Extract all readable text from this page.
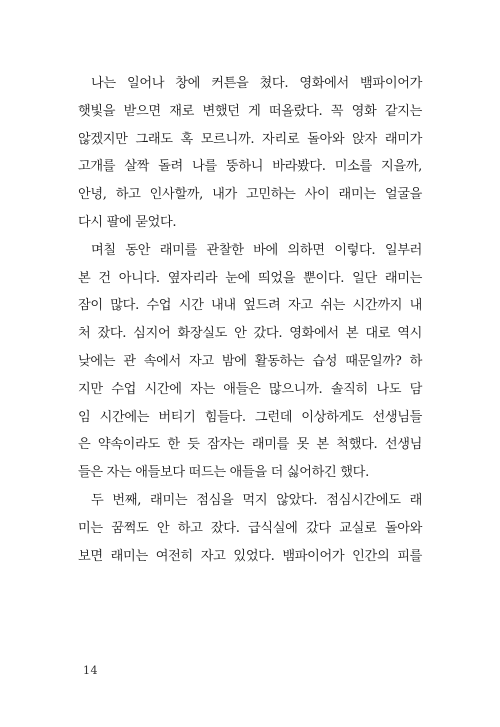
나는 일어나 창에 커튼을 쳤다. 영화에서 뱀파이어가
햇빛을 받으면 재로 변했던 게 떠올랐다. 꼭 영화 같지는
않겠지만 그래도 혹 모르니까. 자리로 돌아와 앉자 래미가
고개를 살짝 돌려 나를 뚱하니 바라봤다. 미소를 지을까,
안녕, 하고 인사할까, 내가 고민하는 사이 래미는 얼굴을
다시 팔에 묻었다.

며칠 동안 래미를 관찰한 바에 의하면 이렇다. 일부러
본 건 아니다. 옆자리라 눈에 띄었을 뿐이다. 일단 래미는
잠이 많다. 수업 시간 내내 엎드려 자고 쉬는 시간까지 내
처 잤다. 심지어 화장실도 안 갔다. 영화에서 본 대로 역시
낮에는 관 속에서 자고 밤에 활동하는 습성 때문일까? 하
지만 수업 시간에 자는 애들은 많으니까. 솔직히 나도 담
임 시간에는 버티기 힘들다. 그런데 이상하게도 선생님들
은 약속이라도 한 듯 잠자는 래미를 못 본 척했다. 선생님
들은 자는 애들보다 떠드는 애들을 더 싫어하긴 했다.

두 번째, 래미는 점심을 먹지 않았다. 점심시간에도 래
미는 꿈쩍도 안 하고 잤다. 급식실에 갔다 교실로 돌아와
보면 래미는 여전히 자고 있었다. 뱀파이어가 인간의 피를

14
